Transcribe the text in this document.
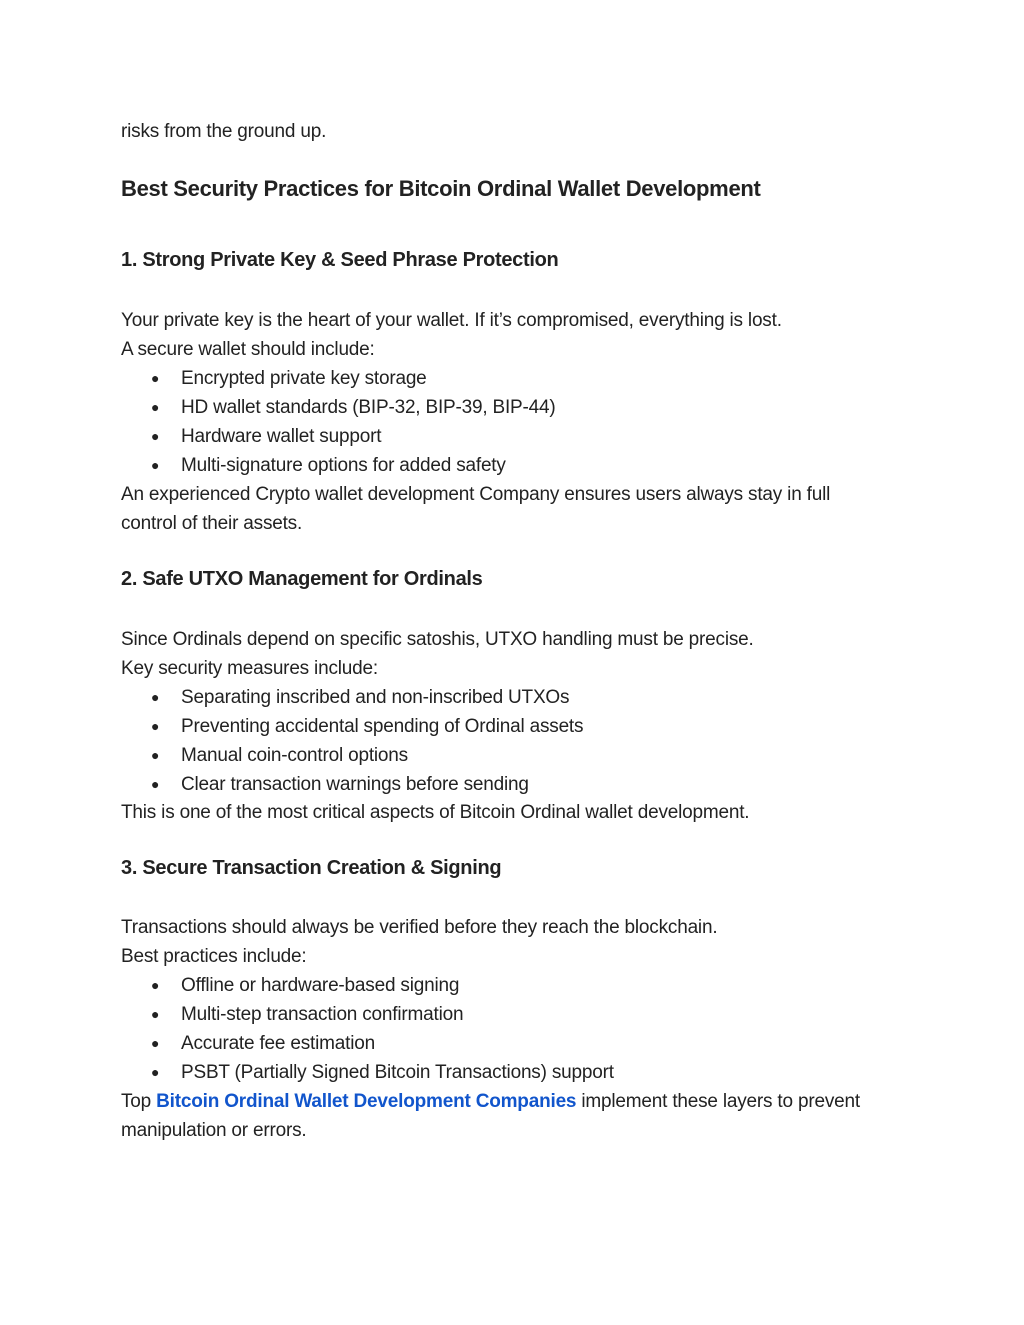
risks from the ground up.
Best Security Practices for Bitcoin Ordinal Wallet Development
1. Strong Private Key & Seed Phrase Protection
Your private key is the heart of your wallet. If it’s compromised, everything is lost.
A secure wallet should include:
● Encrypted private key storage
● HD wallet standards (BIP-32, BIP-39, BIP-44)
● Hardware wallet support
● Multi-signature options for added safety
An experienced Crypto wallet development Company ensures users always stay in full
control of their assets.
2. Safe UTXO Management for Ordinals
Since Ordinals depend on specific satoshis, UTXO handling must be precise.
Key security measures include:
● Separating inscribed and non-inscribed UTXOs
● Preventing accidental spending of Ordinal assets
● Manual coin-control options
● Clear transaction warnings before sending
This is one of the most critical aspects of Bitcoin Ordinal wallet development.
3. Secure Transaction Creation & Signing
Transactions should always be verified before they reach the blockchain.
Best practices include:
● Offline or hardware-based signing
● Multi-step transaction confirmation
● Accurate fee estimation
● PSBT (Partially Signed Bitcoin Transactions) support
Top Bitcoin Ordinal Wallet Development Companies implement these layers to prevent
manipulation or errors.
